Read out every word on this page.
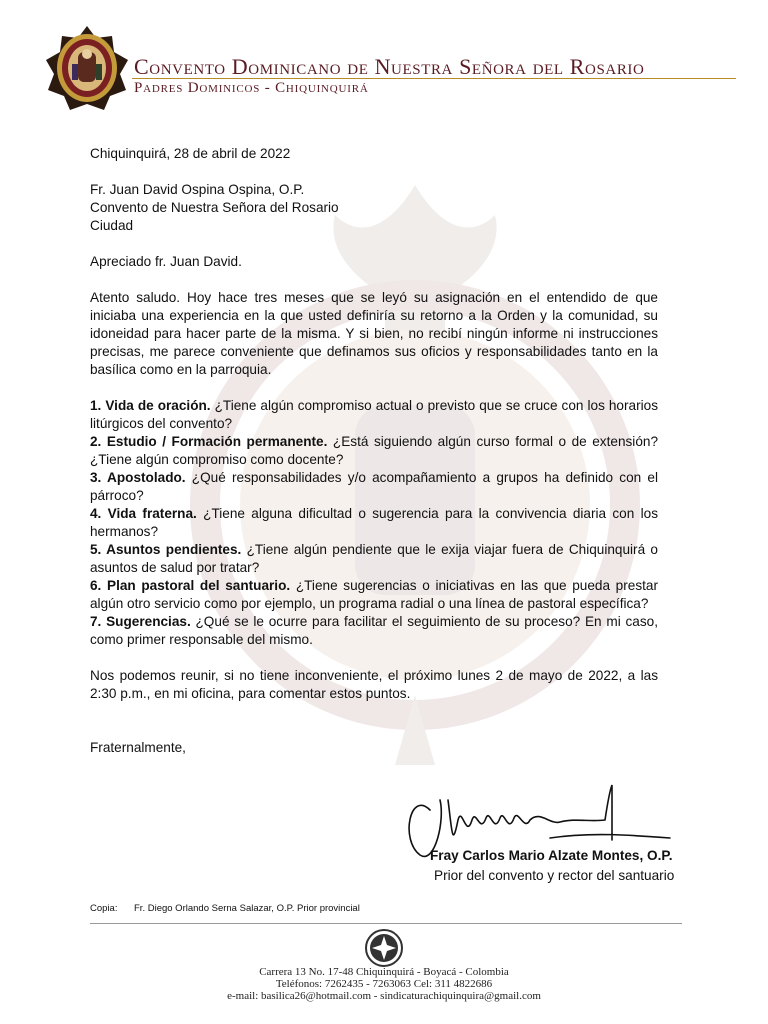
Convento Dominicano de Nuestra Señora del Rosario
Padres Dominicos - Chiquinquirá

Chiquinquirá, 28 de abril de 2022

Fr. Juan David Ospina Ospina, O.P.

Convento de Nuestra Señora del Rosario

Ciudad

Apreciado fr. Juan David.

Atento saludo. Hoy hace tres meses que se leyó su asignación en el entendido de que iniciaba una experiencia en la que usted definiría su retorno a la Orden y la comunidad, su idoneidad para hacer parte de la misma. Y si bien, no recibí ningún informe ni instrucciones precisas, me parece conveniente que definamos sus oficios y responsabilidades tanto en la basílica como en la parroquia.

1. Vida de oración. ¿Tiene algún compromiso actual o previsto que se cruce con los horarios litúrgicos del convento?

2. Estudio / Formación permanente. ¿Está siguiendo algún curso formal o de extensión? ¿Tiene algún compromiso como docente?

3. Apostolado. ¿Qué responsabilidades y/o acompañamiento a grupos ha definido con el párroco?

4. Vida fraterna. ¿Tiene alguna dificultad o sugerencia para la convivencia diaria con los hermanos?

5. Asuntos pendientes. ¿Tiene algún pendiente que le exija viajar fuera de Chiquinquirá o asuntos de salud por tratar?

6. Plan pastoral del santuario. ¿Tiene sugerencias o iniciativas en las que pueda prestar algún otro servicio como por ejemplo, un programa radial o una línea de pastoral específica?

7. Sugerencias. ¿Qué se le ocurre para facilitar el seguimiento de su proceso? En mi caso, como primer responsable del mismo.

Nos podemos reunir, si no tiene inconveniente, el próximo lunes 2 de mayo de 2022, a las 2:30 p.m., en mi oficina, para comentar estos puntos.

Fraternalmente,

Fray Carlos Mario Alzate Montes, O.P.
Prior del convento y rector del santuario
Copia: Fr. Diego Orlando Serna Salazar, O.P. Prior provincial
Carrera 13 No. 17-48 Chiquinquirá - Boyacá - Colombia
Teléfonos: 7262435 - 7263063 Cel: 311 4822686
e-mail: basilica26@hotmail.com - sindicaturachiquinquira@gmail.com
